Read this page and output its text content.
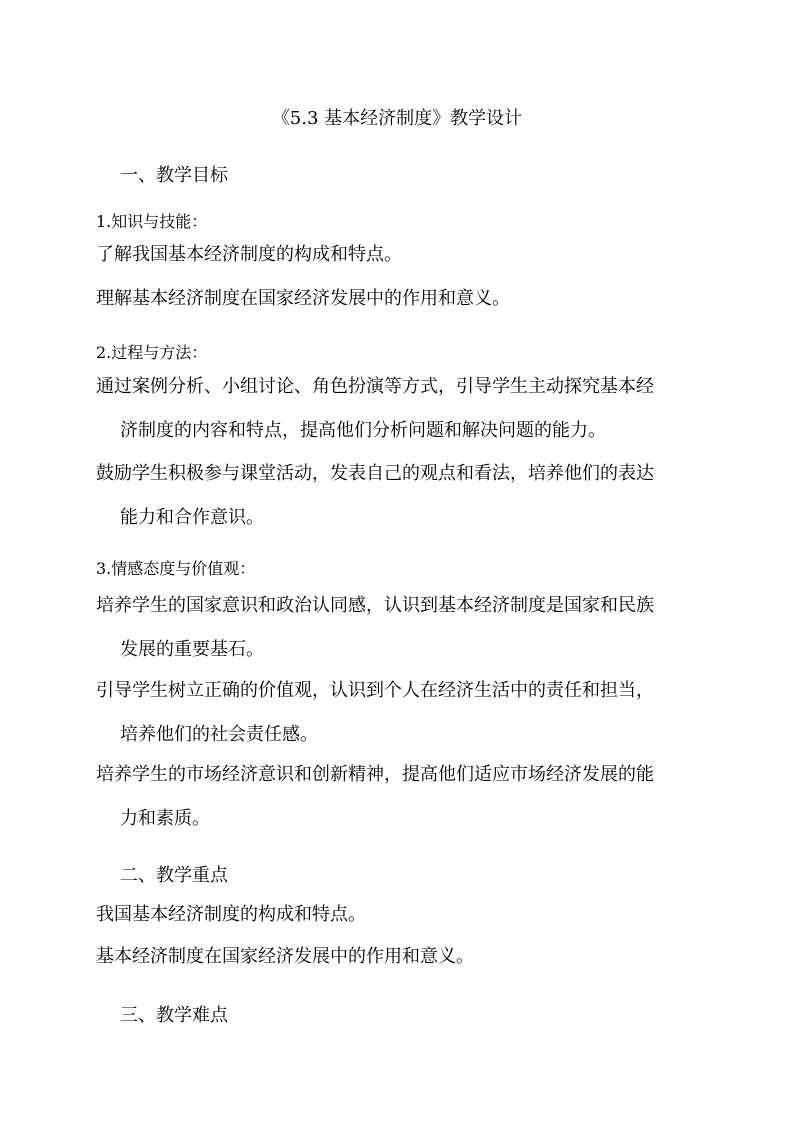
《5.3 基本经济制度》教学设计
一、教学目标
1.知识与技能：
了解我国基本经济制度的构成和特点。
理解基本经济制度在国家经济发展中的作用和意义。
2.过程与方法：
通过案例分析、小组讨论、角色扮演等方式，引导学生主动探究基本经
济制度的内容和特点，提高他们分析问题和解决问题的能力。
鼓励学生积极参与课堂活动，发表自己的观点和看法，培养他们的表达
能力和合作意识。
3.情感态度与价值观：
培养学生的国家意识和政治认同感，认识到基本经济制度是国家和民族
发展的重要基石。
引导学生树立正确的价值观，认识到个人在经济生活中的责任和担当，
培养他们的社会责任感。
培养学生的市场经济意识和创新精神，提高他们适应市场经济发展的能
力和素质。
二、教学重点
我国基本经济制度的构成和特点。
基本经济制度在国家经济发展中的作用和意义。
三、教学难点
